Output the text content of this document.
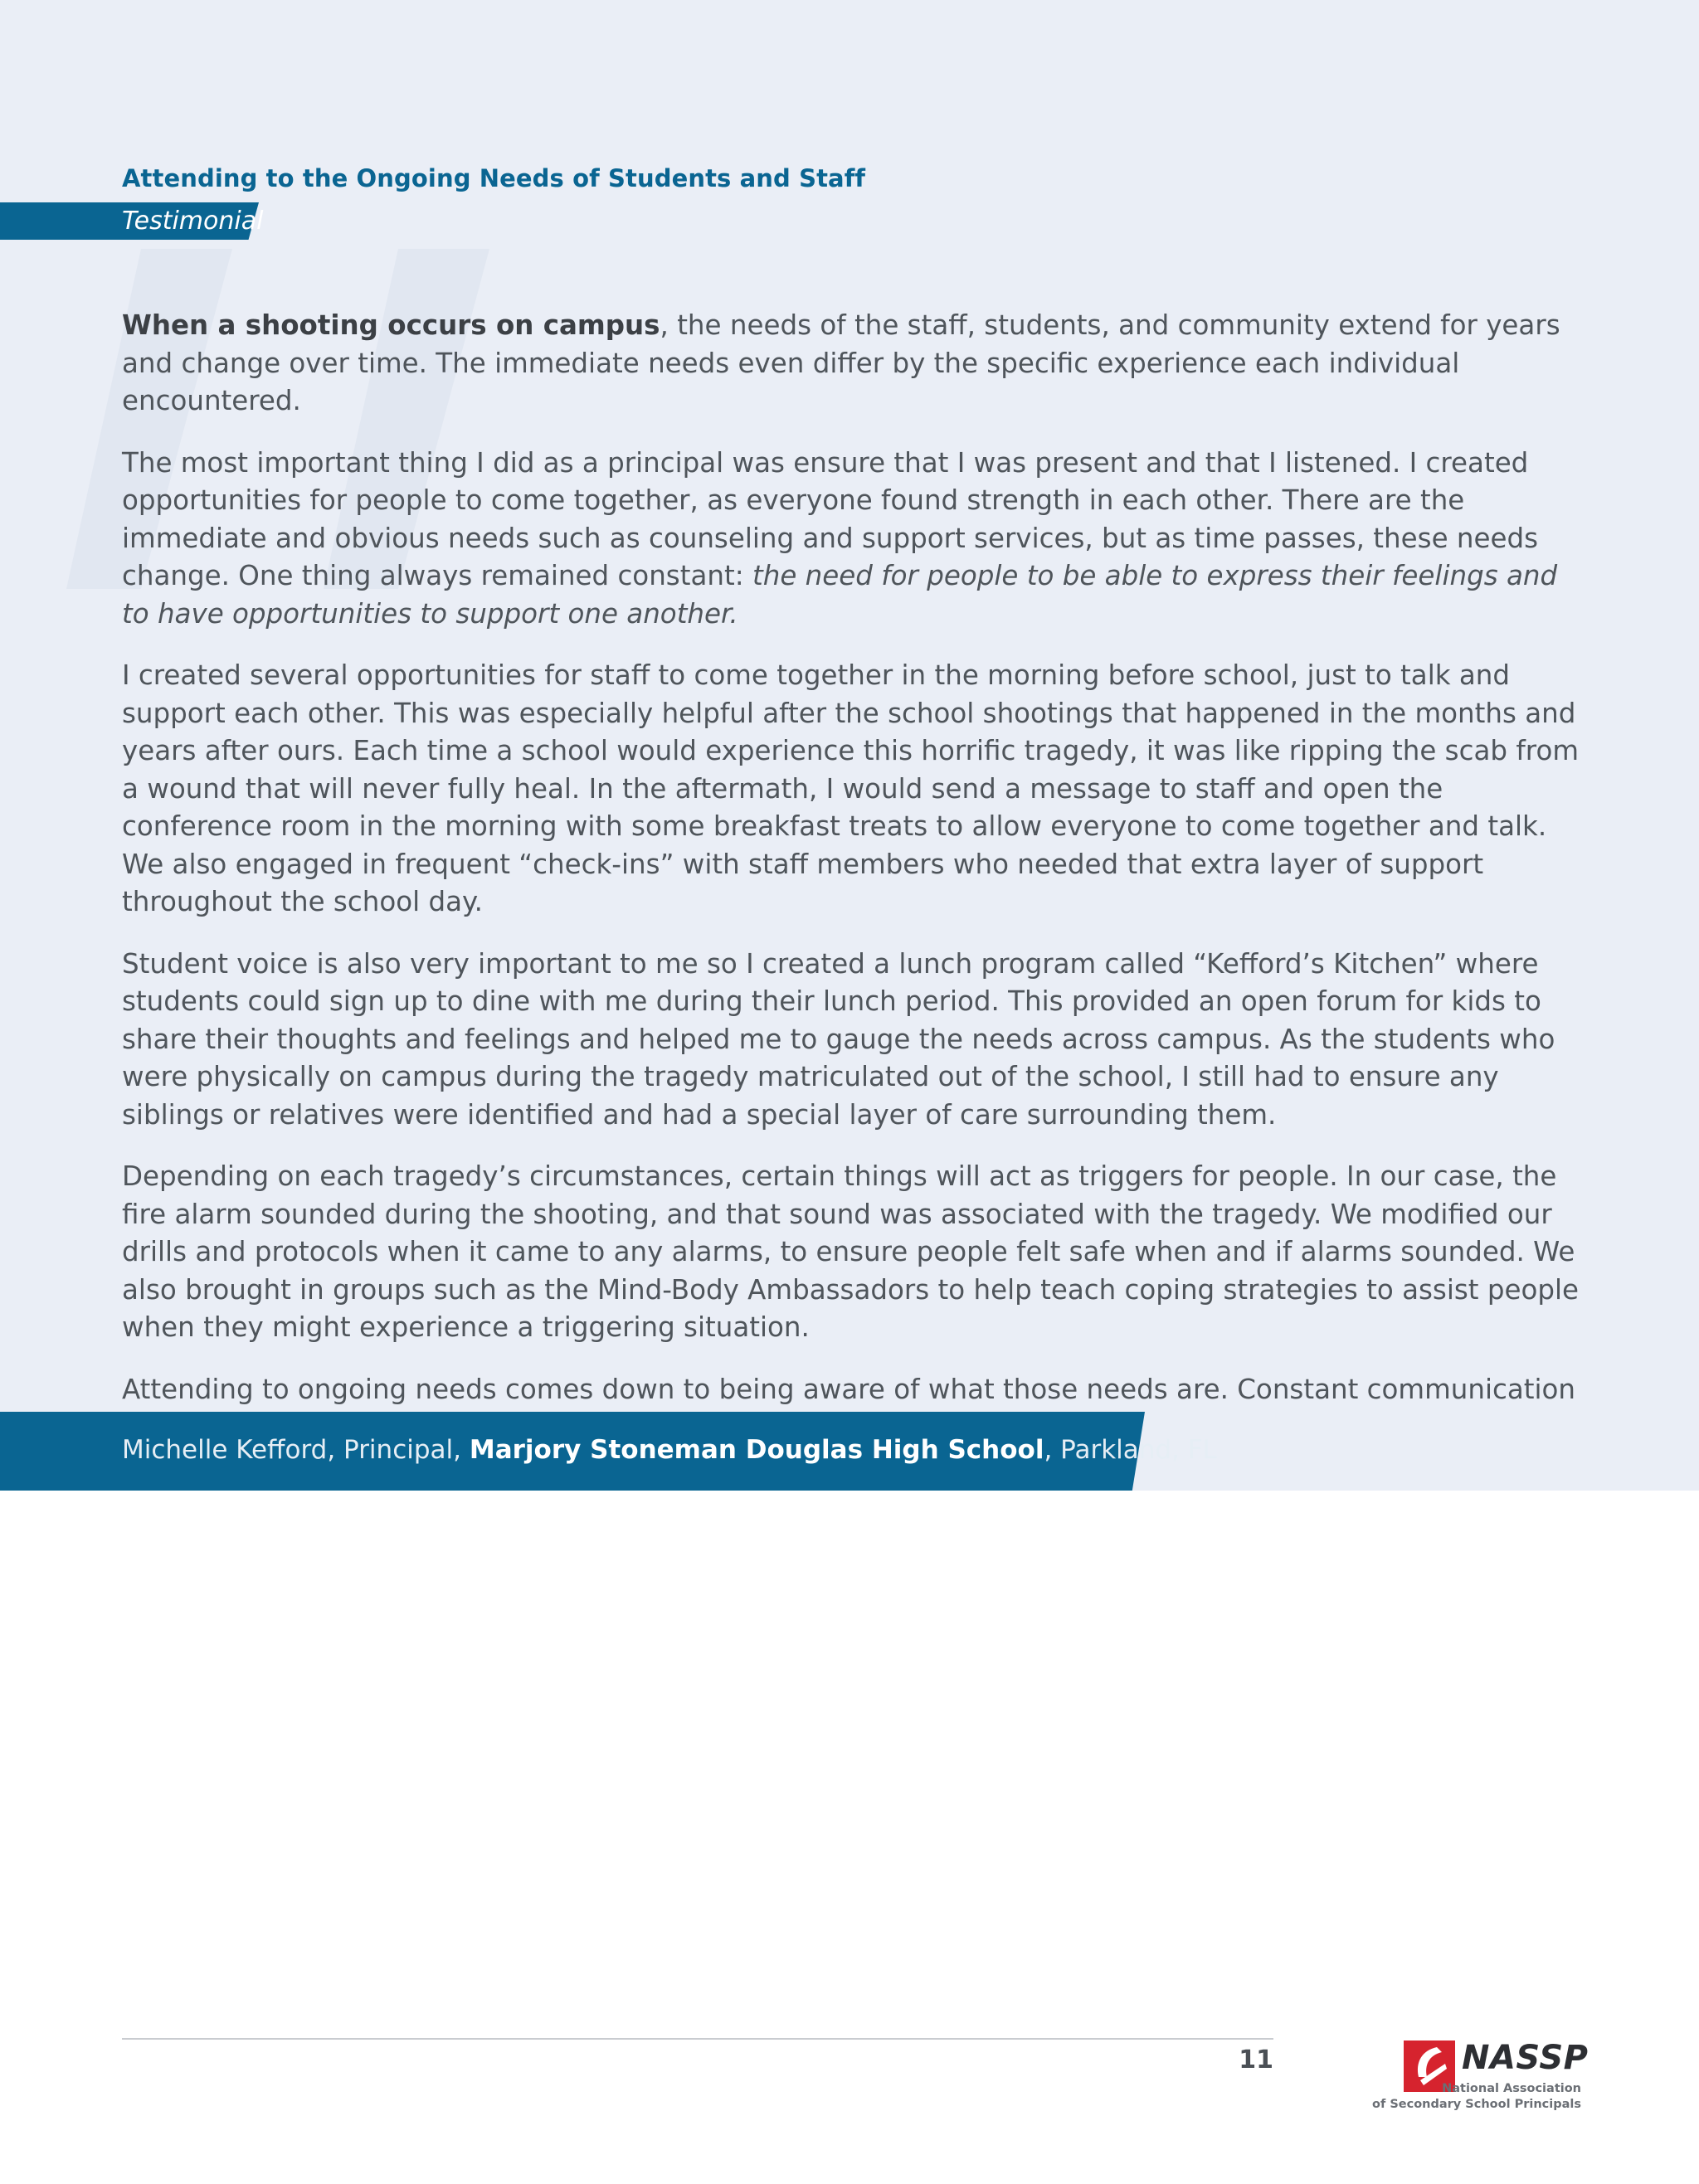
Attending to the Ongoing Needs of Students and Staff
Testimonial

When a shooting occurs on campus, the needs of the staff, students, and community extend for years and change over time. The immediate needs even differ by the specific experience each individual encountered.

The most important thing I did as a principal was ensure that I was present and that I listened. I created opportunities for people to come together, as everyone found strength in each other. There are the immediate and obvious needs such as counseling and support services, but as time passes, these needs change. One thing always remained constant: the need for people to be able to express their feelings and to have opportunities to support one another.

I created several opportunities for staff to come together in the morning before school, just to talk and support each other. This was especially helpful after the school shootings that happened in the months and years after ours. Each time a school would experience this horrific tragedy, it was like ripping the scab from a wound that will never fully heal. In the aftermath, I would send a message to staff and open the conference room in the morning with some breakfast treats to allow everyone to come together and talk. We also engaged in frequent “check-ins” with staff members who needed that extra layer of support throughout the school day.

Student voice is also very important to me so I created a lunch program called “Kefford’s Kitchen” where students could sign up to dine with me during their lunch period. This provided an open forum for kids to share their thoughts and feelings and helped me to gauge the needs across campus. As the students who were physically on campus during the tragedy matriculated out of the school, I still had to ensure any siblings or relatives were identified and had a special layer of care surrounding them.

Depending on each tragedy’s circumstances, certain things will act as triggers for people. In our case, the fire alarm sounded during the shooting, and that sound was associated with the tragedy. We modified our drills and protocols when it came to any alarms, to ensure people felt safe when and if alarms sounded. We also brought in groups such as the Mind-Body Ambassadors to help teach coping strategies to assist people when they might experience a triggering situation.

Attending to ongoing needs comes down to being aware of what those needs are. Constant communication

Michelle Kefford, Principal, Marjory Stoneman Douglas High School, Parkland, FL
11	NASSP
National Association
of Secondary School Principals
